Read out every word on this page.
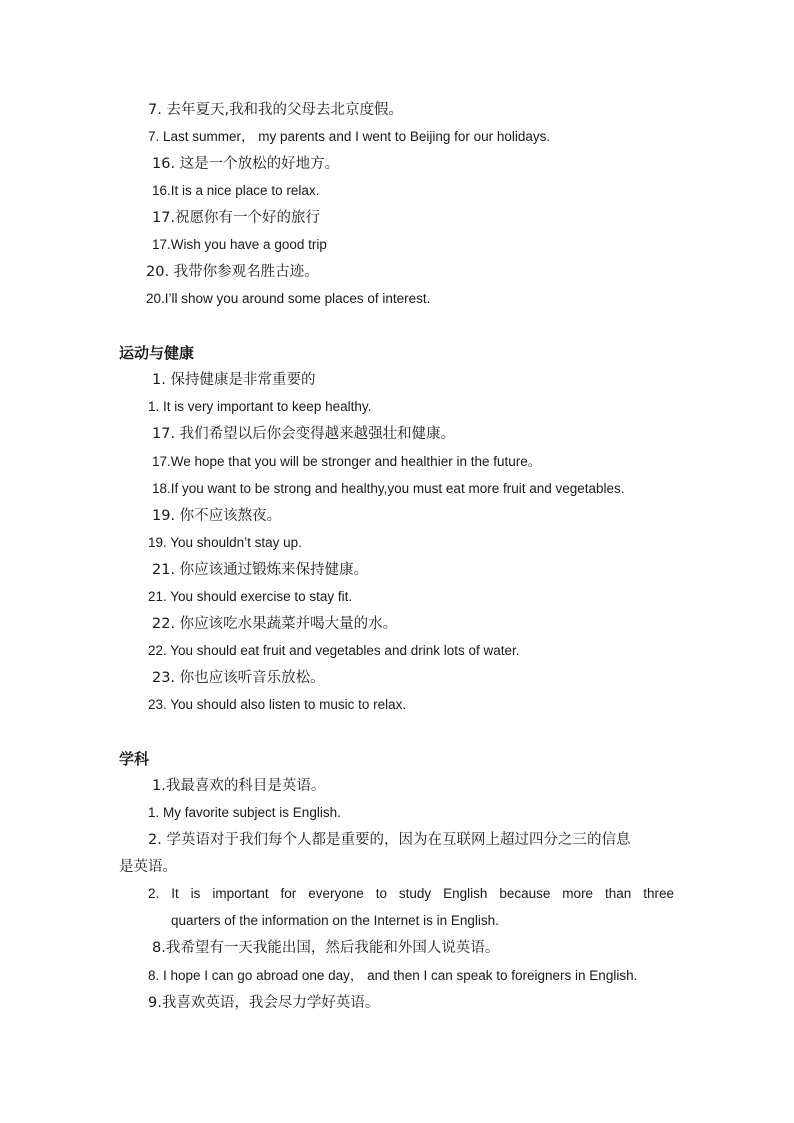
7. 去年夏天,我和我的父母去北京度假。

7. Last summer， my parents and I went to Beijing for our holidays.

16. 这是一个放松的好地方。

16.It is a nice place to relax.

17.祝愿你有一个好的旅行

17.Wish you have a good trip

20. 我带你参观名胜古迹。

20.I’ll show you around some places of interest.

运动与健康

1. 保持健康是非常重要的

1. It is very important to keep healthy.

17. 我们希望以后你会变得越来越强壮和健康。

17.We hope that you will be stronger and healthier in the future。

18.If you want to be strong and healthy,you must eat more fruit and vegetables.

19. 你不应该熬夜。

19. You shouldn’t stay up.

21. 你应该通过锻炼来保持健康。

21. You should exercise to stay fit.

22. 你应该吃水果蔬菜并喝大量的水。

22. You should eat fruit and vegetables and drink lots of water.

23. 你也应该听音乐放松。

23. You should also listen to music to relax.

学科

1.我最喜欢的科目是英语。

1. My favorite subject is English.

2. 学英语对于我们每个人都是重要的，因为在互联网上超过四分之三的信息

是英语。

2. It is important for everyone to study English because more than three

quarters of the information on the Internet is in English.

8.我希望有一天我能出国，然后我能和外国人说英语。

8. I hope I can go abroad one day， and then I can speak to foreigners in English.

9.我喜欢英语，我会尽力学好英语。
